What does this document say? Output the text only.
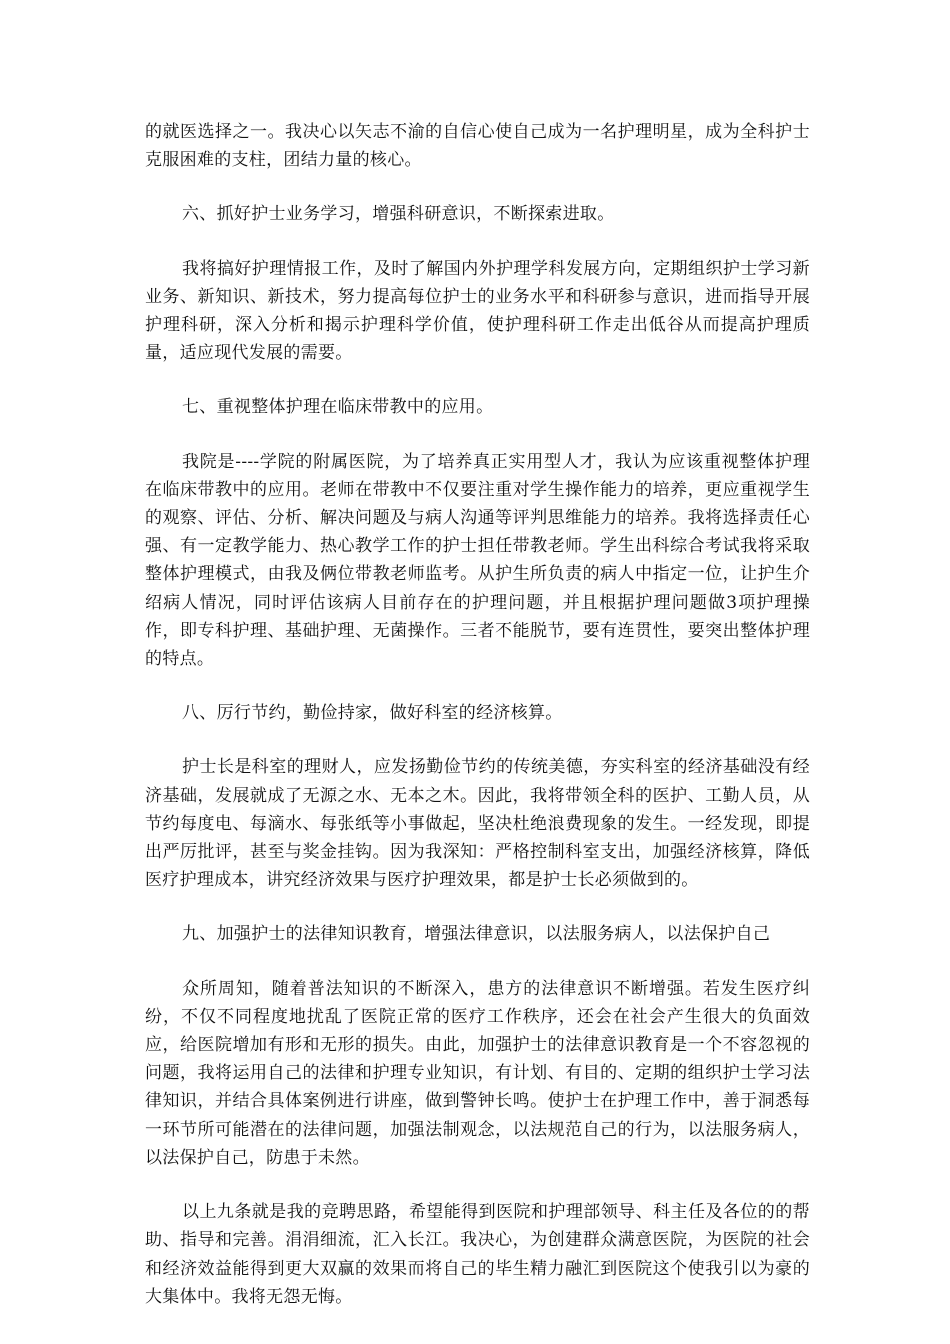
的就医选择之一。我决心以矢志不渝的自信心使自己成为一名护理明星，成为全科护士克服困难的支柱，团结力量的核心。

六、抓好护士业务学习，增强科研意识，不断探索进取。

我将搞好护理情报工作，及时了解国内外护理学科发展方向，定期组织护士学习新业务、新知识、新技术，努力提高每位护士的业务水平和科研参与意识，进而指导开展护理科研，深入分析和揭示护理科学价值，使护理科研工作走出低谷从而提高护理质量，适应现代发展的需要。

七、重视整体护理在临床带教中的应用。

我院是----学院的附属医院，为了培养真正实用型人才，我认为应该重视整体护理在临床带教中的应用。老师在带教中不仅要注重对学生操作能力的培养，更应重视学生的观察、评估、分析、解决问题及与病人沟通等评判思维能力的培养。我将选择责任心强、有一定教学能力、热心教学工作的护士担任带教老师。学生出科综合考试我将采取整体护理模式，由我及俩位带教老师监考。从护生所负责的病人中指定一位，让护生介绍病人情况，同时评估该病人目前存在的护理问题，并且根据护理问题做3项护理操作，即专科护理、基础护理、无菌操作。三者不能脱节，要有连贯性，要突出整体护理的特点。

八、厉行节约，勤俭持家，做好科室的经济核算。

护士长是科室的理财人，应发扬勤俭节约的传统美德，夯实科室的经济基础没有经济基础，发展就成了无源之水、无本之木。因此，我将带领全科的医护、工勤人员，从节约每度电、每滴水、每张纸等小事做起，坚决杜绝浪费现象的发生。一经发现，即提出严厉批评，甚至与奖金挂钩。因为我深知：严格控制科室支出，加强经济核算，降低医疗护理成本，讲究经济效果与医疗护理效果，都是护士长必须做到的。

九、加强护士的法律知识教育，增强法律意识，以法服务病人，以法保护自己

众所周知，随着普法知识的不断深入，患方的法律意识不断增强。若发生医疗纠纷，不仅不同程度地扰乱了医院正常的医疗工作秩序，还会在社会产生很大的负面效应，给医院增加有形和无形的损失。由此，加强护士的法律意识教育是一个不容忽视的问题，我将运用自己的法律和护理专业知识，有计划、有目的、定期的组织护士学习法律知识，并结合具体案例进行讲座，做到警钟长鸣。使护士在护理工作中，善于洞悉每一环节所可能潜在的法律问题，加强法制观念，以法规范自己的行为，以法服务病人，以法保护自己，防患于未然。

以上九条就是我的竞聘思路，希望能得到医院和护理部领导、科主任及各位的的帮助、指导和完善。涓涓细流，汇入长江。我决心，为创建群众满意医院，为医院的社会和经济效益能得到更大双赢的效果而将自己的毕生精力融汇到医院这个使我引以为豪的大集体中。我将无怨无悔。
